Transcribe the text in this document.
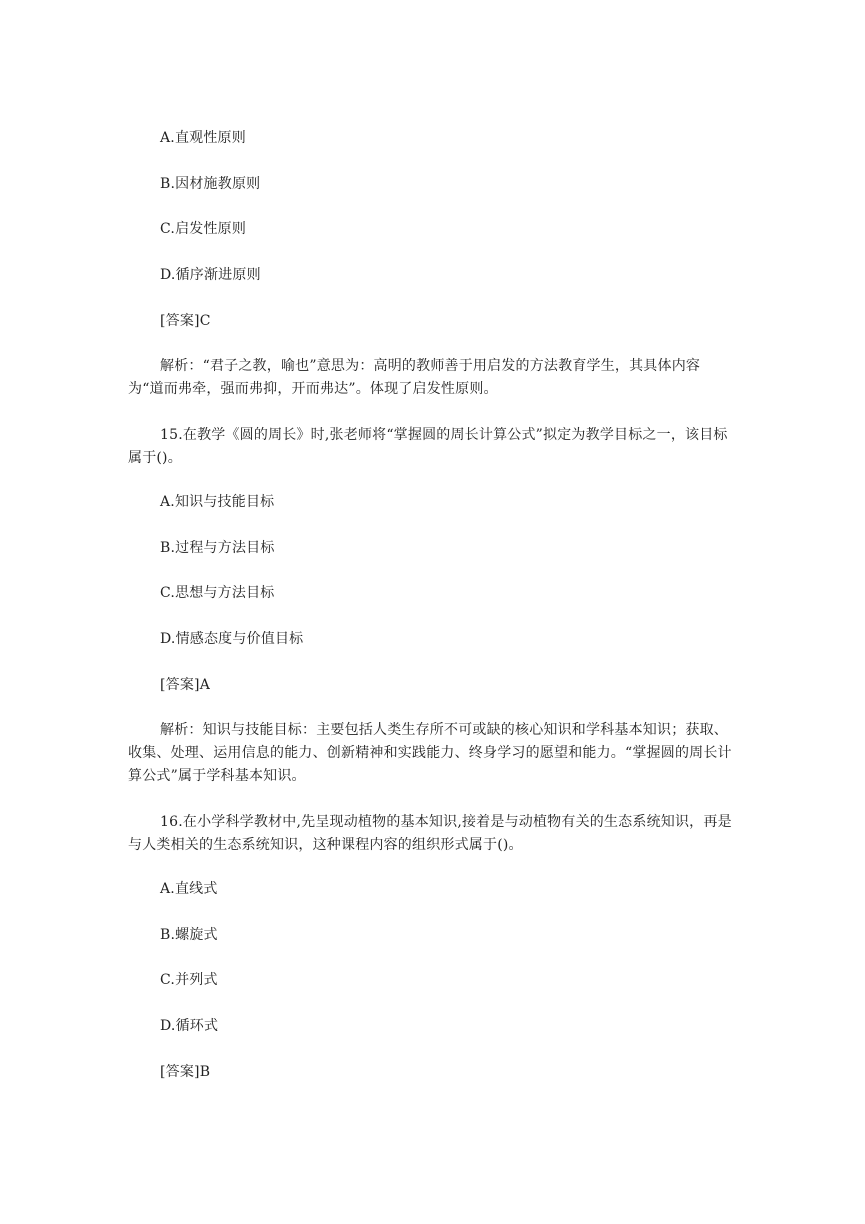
A.直观性原则

B.因材施教原则

C.启发性原则

D.循序渐进原则

[答案]C

解析：“君子之教，喻也”意思为：高明的教师善于用启发的方法教育学生，其具体内容为“道而弗牵，强而弗抑，开而弗达”。体现了启发性原则。

15.在教学《圆的周长》时,张老师将“掌握圆的周长计算公式”拟定为教学目标之一，该目标属于()。

A.知识与技能目标

B.过程与方法目标

C.思想与方法目标

D.情感态度与价值目标

[答案]A

解析：知识与技能目标：主要包括人类生存所不可或缺的核心知识和学科基本知识；获取、收集、处理、运用信息的能力、创新精神和实践能力、终身学习的愿望和能力。“掌握圆的周长计算公式”属于学科基本知识。

16.在小学科学教材中,先呈现动植物的基本知识,接着是与动植物有关的生态系统知识，再是与人类相关的生态系统知识，这种课程内容的组织形式属于()。

A.直线式

B.螺旋式

C.并列式

D.循环式

[答案]B
